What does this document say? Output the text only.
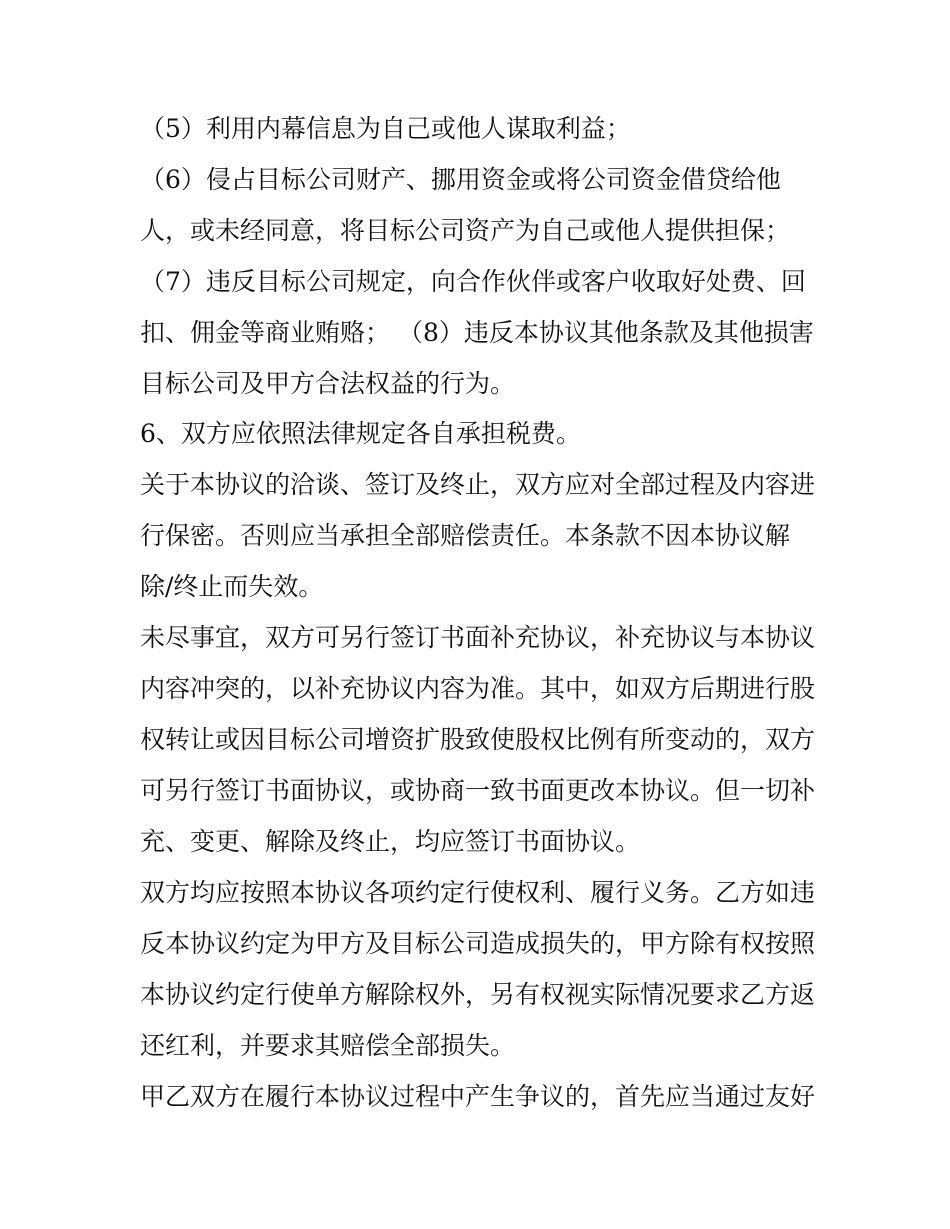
（5）利用内幕信息为自己或他人谋取利益；
（6）侵占目标公司财产、挪用资金或将公司资金借贷给他
人，或未经同意，将目标公司资产为自己或他人提供担保；
（7）违反目标公司规定，向合作伙伴或客户收取好处费、回
扣、佣金等商业贿赂； （8）违反本协议其他条款及其他损害
目标公司及甲方合法权益的行为。
6、双方应依照法律规定各自承担税费。
关于本协议的洽谈、签订及终止，双方应对全部过程及内容进
行保密。否则应当承担全部赔偿责任。本条款不因本协议解
除/终止而失效。
未尽事宜，双方可另行签订书面补充协议，补充协议与本协议
内容冲突的，以补充协议内容为准。其中，如双方后期进行股
权转让或因目标公司增资扩股致使股权比例有所变动的，双方
可另行签订书面协议，或协商一致书面更改本协议。但一切补
充、变更、解除及终止，均应签订书面协议。
双方均应按照本协议各项约定行使权利、履行义务。乙方如违
反本协议约定为甲方及目标公司造成损失的，甲方除有权按照
本协议约定行使单方解除权外，另有权视实际情况要求乙方返
还红利，并要求其赔偿全部损失。
甲乙双方在履行本协议过程中产生争议的，首先应当通过友好
